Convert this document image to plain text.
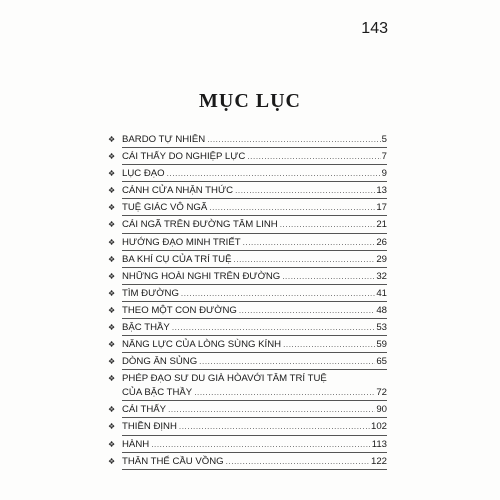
143
MỤC LỤC
❖ BARDO TỰ NHIÊN .....	5
❖ CÁI THẤY DO NGHIỆP LỰC .....	7
❖ LỤC ĐẠO .....	9
❖ CÁNH CỬA NHẬN THỨC .....	13
❖ TUỆ GIÁC VÔ NGÃ .....	17
❖ CÁI NGÃ TRÊN ĐƯỜNG TÂM LINH .....	21
❖ HƯỚNG ĐẠO MINH TRIẾT .....	26
❖ BA KHÍ CỤ CỦA TRÍ TUỆ .....	29
❖ NHỮNG HOÀI NGHI TRÊN ĐƯỜNG .....	32
❖ TÌM ĐƯỜNG .....	41
❖ THEO MỘT CON ĐƯỜNG .....	48
❖ BẬC THẦY .....	53
❖ NĂNG LỰC CỦA LÒNG SÙNG KÍNH .....	59
❖ DÒNG ÂN SỦNG .....	65
❖ PHÉP ĐẠO SƯ DU GIÀ HÒAVỚI TÂM TRÍ TUỆ
CỦA BẬC THẦY .....	72
❖ CÁI THẤY .....	90
❖ THIỀN ĐỊNH .....	102
❖ HÀNH .....	113
❖ THÂN THỂ CẦU VỒNG .....	122
